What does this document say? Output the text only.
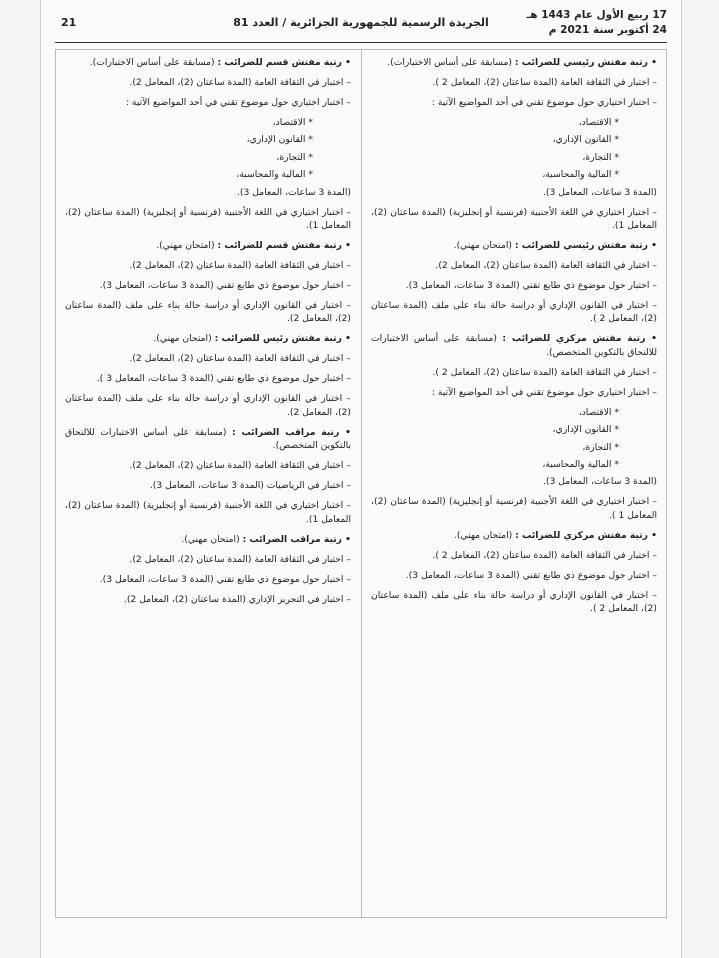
17 ربيع الأول عام 1443 هـ
24 أكتوبر سنة 2021 م
الجريدة الرسمية للجمهورية الجزائرية / العدد 81
21

• رتبة مفتش رئيسي للضرائب : (مسابقة على أساس الاختبارات).

– اختبار في الثقافة العامة (المدة ساعتان (2)، المعامل 2 ).

– اختبار اختياري حول موضوع تقني في أحد المواضيع الآتية :

* الاقتصاد،

* القانون الإداري،

* التجارة،

* المالية والمحاسبة،

(المدة 3 ساعات، المعامل 3).

– اختبار اختياري في اللغة الأجنبية (فرنسية أو إنجليزية) (المدة ساعتان (2)، المعامل 1).

• رتبة مفتش رئيسي للضرائب : (امتحان مهني).

– اختبار في الثقافة العامة (المدة ساعتان (2)، المعامل 2).

– اختبار حول موضوع ذي طابع تقني (المدة 3 ساعات، المعامل 3).

– اختبار في القانون الإداري أو دراسة حالة بناء على ملف (المدة ساعتان (2)، المعامل 2 ).

• رتبة مفتش مركزي للضرائب : (مسابقة على أساس الاختبارات للالتحاق بالتكوين المتخصص).

– اختبار في الثقافة العامة (المدة ساعتان (2)، المعامل 2 ).

– اختبار اختياري حول موضوع تقني في أحد المواضيع الآتية :

* الاقتصاد،

* القانون الإداري،

* التجارة،

* المالية والمحاسبة،

(المدة 3 ساعات، المعامل 3).

– اختبار اختياري في اللغة الأجنبية (فرنسية أو إنجليزية) (المدة ساعتان (2)، المعامل 1 ).

• رتبة مفتش مركزي للضرائب : (امتحان مهني).

– اختبار في الثقافة العامة (المدة ساعتان (2)، المعامل 2 ).

– اختبار حول موضوع ذي طابع تقني (المدة 3 ساعات، المعامل 3).

– اختبار في القانون الإداري أو دراسة حالة بناء على ملف (المدة ساعتان (2)، المعامل 2 ).

• رتبة مفتش قسم للضرائب : (مسابقة على أساس الاختبارات).

– اختبار في الثقافة العامة (المدة ساعتان (2)، المعامل 2).

– اختبار اختياري حول موضوع تقني في أحد المواضيع الآتية :

* الاقتصاد،

* القانون الإداري،

* التجارة،

* المالية والمحاسبة،

(المدة 3 ساعات، المعامل 3).

– اختبار اختياري في اللغة الأجنبية (فرنسية أو إنجليزية) (المدة ساعتان (2)، المعامل 1).

• رتبة مفتش قسم للضرائب : (امتحان مهني).

– اختبار في الثقافة العامة (المدة ساعتان (2)، المعامل 2).

– اختبار حول موضوع ذي طابع تقني (المدة 3 ساعات، المعامل 3).

– اختبار في القانون الإداري أو دراسة حالة بناء على ملف (المدة ساعتان (2)، المعامل 2).

• رتبة مفتش رئيس للضرائب : (امتحان مهني).

– اختبار في الثقافة العامة (المدة ساعتان (2)، المعامل 2).

– اختبار حول موضوع ذي طابع تقني (المدة 3 ساعات، المعامل 3 ).

– اختبار في القانون الإداري أو دراسة حالة بناء على ملف (المدة ساعتان (2)، المعامل 2).

• رتبة مراقب الضرائب : (مسابقة على أساس الاختبارات للالتحاق بالتكوين المتخصص).

– اختبار في الثقافة العامة (المدة ساعتان (2)، المعامل 2).

– اختبار في الرياضيات (المدة 3 ساعات، المعامل 3).

– اختبار اختياري في اللغة الأجنبية (فرنسية أو إنجليزية) (المدة ساعتان (2)، المعامل 1).

• رتبة مراقب الضرائب : (امتحان مهني).

– اختبار في الثقافة العامة (المدة ساعتان (2)، المعامل 2).

– اختبار حول موضوع ذي طابع تقني (المدة 3 ساعات، المعامل 3).

– اختبار في التحرير الإداري (المدة ساعتان (2)، المعامل 2).
